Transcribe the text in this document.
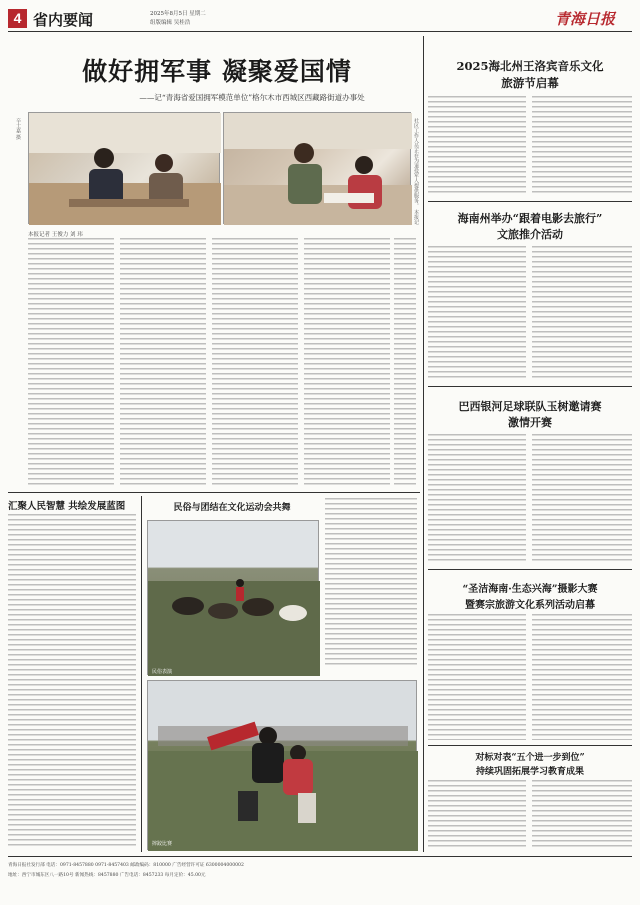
4 省内要闻	2025年8月5日 星期二
组版编辑 吴桂浩	青海日报
做好拥军事 凝聚爱国情
——记“青海省爱国拥军模范单位”格尔木市西城区西藏路街道办事处
辛士嘉 摄	社区工作人员正在为退役军人提供服务。 本报记
本报记者 王俊力 刘 玮
汇聚人民智慧 共绘发展蓝图	民俗与团结在文化运动会共舞
民俗表演
摔跤比赛
2025海北州王洛宾音乐文化
旅游节启幕
海南州举办“跟着电影去旅行”
文旅推介活动
巴西银河足球联队玉树邀请赛
激情开赛
“圣洁海南·生态兴海”摄影大赛
暨赛宗旅游文化系列活动启幕
对标对表“五个进一步到位”
持续巩固拓展学习教育成果
青海日报社发行部 电话：0971-8457880 0971-8457403 邮政编码：810000 广告经营许可证 6300004000002
地址：西宁市城东区八一路10号 新闻热线：8457880 广告电话：8457233 每月定价：45.00元
